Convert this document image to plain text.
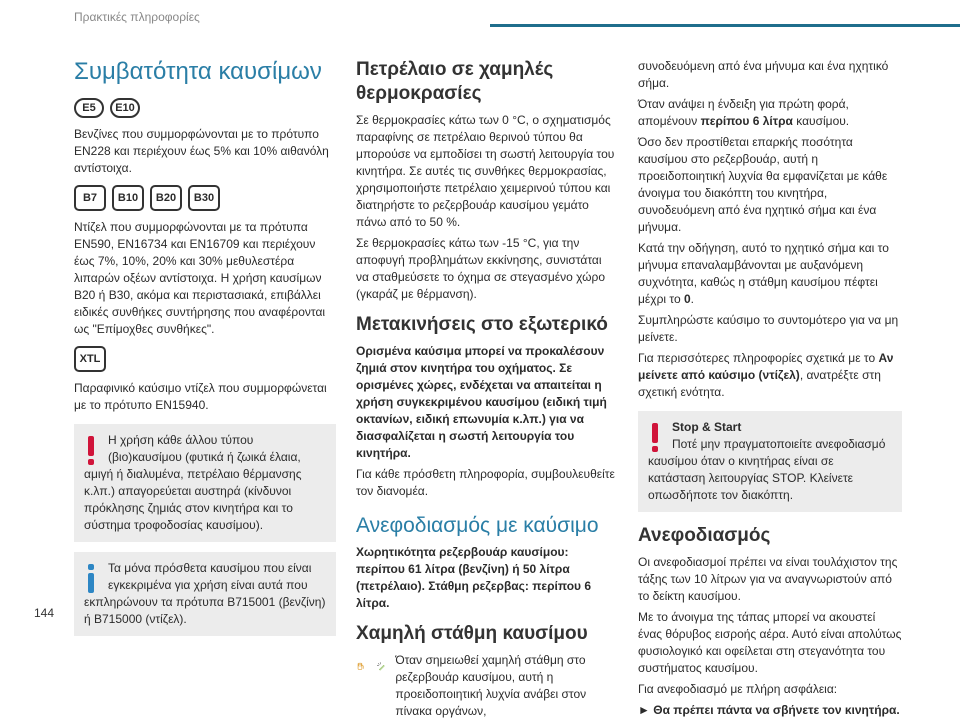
Πρακτικές πληροφορίες
Συμβατότητα καυσίμων
E5	E10

Βενζίνες που συμμορφώνονται με το πρότυπο EN228 και περιέχουν έως 5% και 10% αιθανόλη αντίστοιχα.

B7	B10	B20	B30

Ντίζελ που συμμορφώνονται με τα πρότυπα EN590, EN16734 και EN16709 και περιέχουν έως 7%, 10%, 20% και 30% μεθυλεστέρα λιπαρών οξέων αντίστοιχα. Η χρήση καυσίμων B20 ή B30, ακόμα και περιστασιακά, επιβάλλει ειδικές συνθήκες συντήρησης που αναφέρονται ως "Επίμοχθες συνθήκες".

XTL

Παραφινικό καύσιμο ντίζελ που συμμορφώνεται με το πρότυπο EN15940.

Η χρήση κάθε άλλου τύπου (βιο)καυσίμου (φυτικά ή ζωικά έλαια, αμιγή ή διαλυμένα, πετρέλαιο θέρμανσης κ.λπ.) απαγορεύεται αυστηρά (κίνδυνοι πρόκλησης ζημιάς στον κινητήρα και το σύστημα τροφοδοσίας καυσίμου).
Τα μόνα πρόσθετα καυσίμου που είναι εγκεκριμένα για χρήση είναι αυτά που εκπληρώνουν τα πρότυπα B715001 (βενζίνη) ή B715000 (ντίζελ).
Πετρέλαιο σε χαμηλές θερμοκρασίες

Σε θερμοκρασίες κάτω των 0 °C, ο σχηματισμός παραφίνης σε πετρέλαιο θερινού τύπου θα μπορούσε να εμποδίσει τη σωστή λειτουργία του κινητήρα. Σε αυτές τις συνθήκες θερμοκρασίας, χρησιμοποιήστε πετρέλαιο χειμερινού τύπου και διατηρήστε το ρεζερβουάρ καυσίμου γεμάτο πάνω από το 50 %.

Σε θερμοκρασίες κάτω των -15 °C, για την αποφυγή προβλημάτων εκκίνησης, συνιστάται να σταθμεύσετε το όχημα σε στεγασμένο χώρο (γκαράζ με θέρμανση).

Μετακινήσεις στο εξωτερικό

Ορισμένα καύσιμα μπορεί να προκαλέσουν ζημιά στον κινητήρα του οχήματος. Σε ορισμένες χώρες, ενδέχεται να απαιτείται η χρήση συγκεκριμένου καυσίμου (ειδική τιμή οκτανίων, ειδική επωνυμία κ.λπ.) για να διασφαλίζεται η σωστή λειτουργία του κινητήρα.

Για κάθε πρόσθετη πληροφορία, συμβουλευθείτε τον διανομέα.

Ανεφοδιασμός με καύσιμο

Χωρητικότητα ρεζερβουάρ καυσίμου: περίπου 61 λίτρα (βενζίνη) ή 50 λίτρα (πετρέλαιο). Στάθμη ρεζερβας: περίπου 6 λίτρα.

Χαμηλή στάθμη καυσίμου

Όταν σημειωθεί χαμηλή στάθμη στο ρεζερβουάρ καυσίμου, αυτή η προειδοποιητική λυχνία ανάβει στον πίνακα οργάνων,

συνοδευόμενη από ένα μήνυμα και ένα ηχητικό σήμα.

Όταν ανάψει η ένδειξη για πρώτη φορά, απομένουν περίπου 6 λίτρα καυσίμου.

Όσο δεν προστίθεται επαρκής ποσότητα καυσίμου στο ρεζερβουάρ, αυτή η προειδοποιητική λυχνία θα εμφανίζεται με κάθε άνοιγμα του διακόπτη του κινητήρα, συνοδευόμενη από ένα ηχητικό σήμα και ένα μήνυμα.

Κατά την οδήγηση, αυτό το ηχητικό σήμα και το μήνυμα επαναλαμβάνονται με αυξανόμενη συχνότητα, καθώς η στάθμη καυσίμου πέφτει μέχρι το 0.

Συμπληρώστε καύσιμο το συντομότερο για να μη μείνετε.

Για περισσότερες πληροφορίες σχετικά με το Αν μείνετε από καύσιμο (ντίζελ), ανατρέξτε στη σχετική ενότητα.

Stop & Start
Ποτέ μην πραγματοποιείτε ανεφοδιασμό καυσίμου όταν ο κινητήρας είναι σε κατάσταση λειτουργίας STOP. Κλείνετε οπωσδήποτε τον διακόπτη.
Ανεφοδιασμός

Οι ανεφοδιασμοί πρέπει να είναι τουλάχιστον της τάξης των 10 λίτρων για να αναγνωριστούν από το δείκτη καυσίμου.

Με το άνοιγμα της τάπας μπορεί να ακουστεί ένας θόρυβος εισροής αέρα. Αυτό είναι απολύτως φυσιολογικό και οφείλεται στη στεγανότητα του συστήματος καυσίμου.

Για ανεφοδιασμό με πλήρη ασφάλεια:

► Θα πρέπει πάντα να σβήνετε τον κινητήρα.

144
